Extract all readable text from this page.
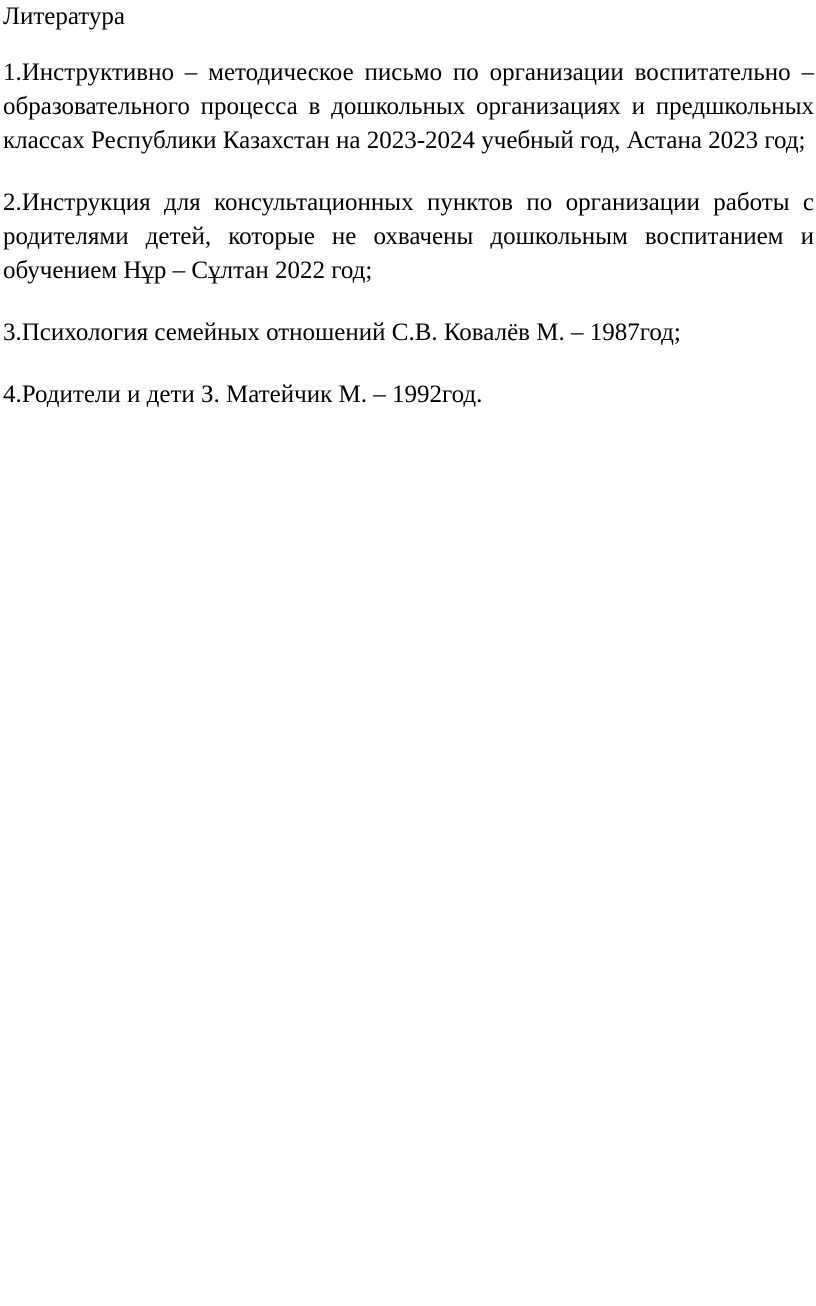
Литература

1.Инструктивно – методическое письмо по организации воспитательно – образовательного процесса в дошкольных организациях и предшкольных классах Республики Казахстан на 2023-2024 учебный год, Астана 2023 год;
2.Инструкция для консультационных пунктов по организации работы с родителями детей, которые не охвачены дошкольным воспитанием и обучением Нұр – Сұлтан 2022 год;
3.Психология семейных отношений С.В. Ковалёв М. – 1987год;
4.Родители и дети З. Матейчик М. – 1992год.
